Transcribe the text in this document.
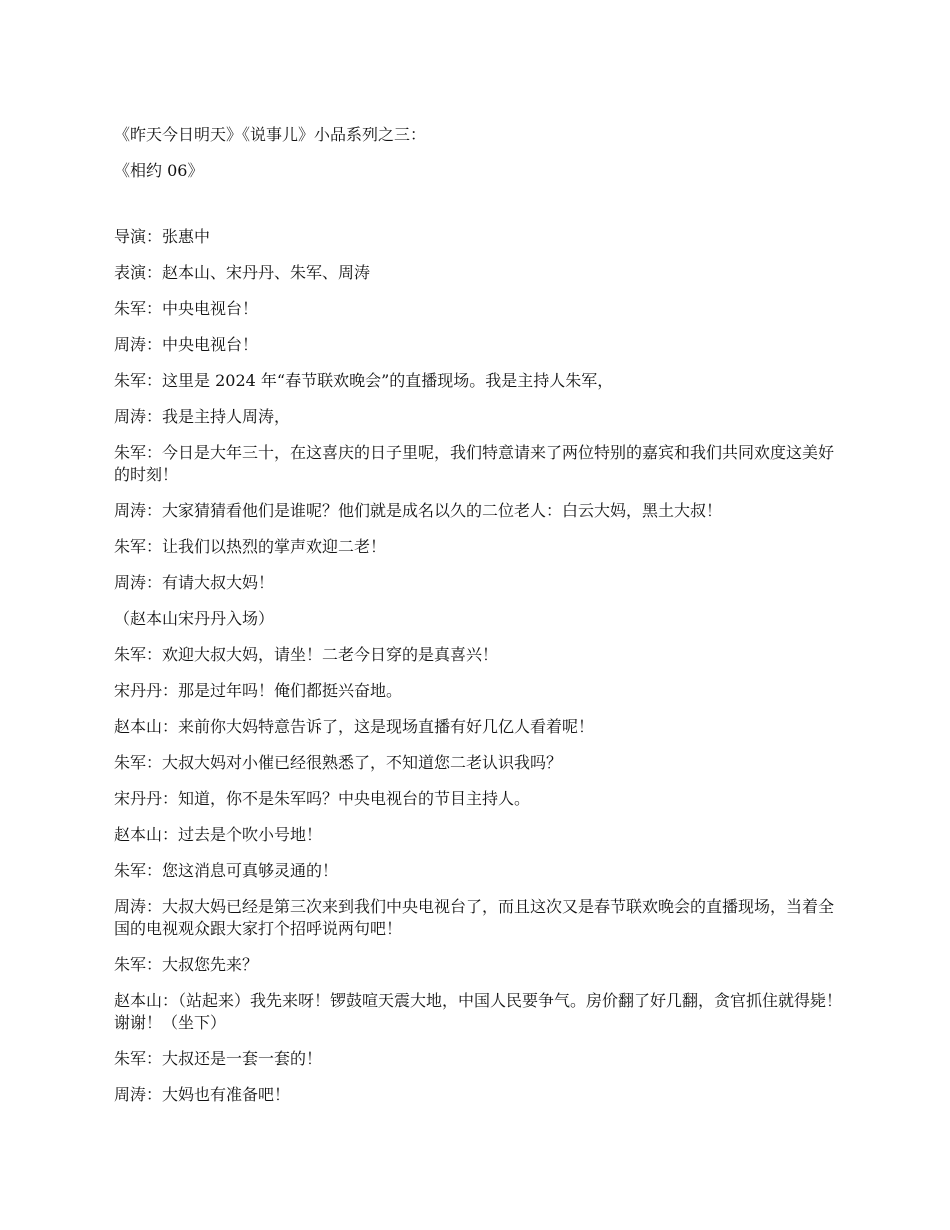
《昨天今日明天》《说事儿》小品系列之三：

《相约 06》

导演：张惠中

表演：赵本山、宋丹丹、朱军、周涛

朱军：中央电视台！

周涛：中央电视台！

朱军：这里是 2024 年“春节联欢晚会”的直播现场。我是主持人朱军，

周涛：我是主持人周涛，

朱军：今日是大年三十，在这喜庆的日子里呢，我们特意请来了两位特别的嘉宾和我们共同欢度这美好的时刻！

周涛：大家猜猜看他们是谁呢？他们就是成名以久的二位老人：白云大妈，黑土大叔！

朱军：让我们以热烈的掌声欢迎二老！

周涛：有请大叔大妈！

（赵本山宋丹丹入场）

朱军：欢迎大叔大妈，请坐！二老今日穿的是真喜兴！

宋丹丹：那是过年吗！俺们都挺兴奋地。

赵本山：来前你大妈特意告诉了，这是现场直播有好几亿人看着呢！

朱军：大叔大妈对小催已经很熟悉了，不知道您二老认识我吗？

宋丹丹：知道，你不是朱军吗？中央电视台的节目主持人。

赵本山：过去是个吹小号地！

朱军：您这消息可真够灵通的！

周涛：大叔大妈已经是第三次来到我们中央电视台了，而且这次又是春节联欢晚会的直播现场，当着全国的电视观众跟大家打个招呼说两句吧！

朱军：大叔您先来？

赵本山：（站起来）我先来呀！锣鼓喧天震大地，中国人民要争气。房价翻了好几翻，贪官抓住就得毙！谢谢！（坐下）

朱军：大叔还是一套一套的！

周涛：大妈也有准备吧！
